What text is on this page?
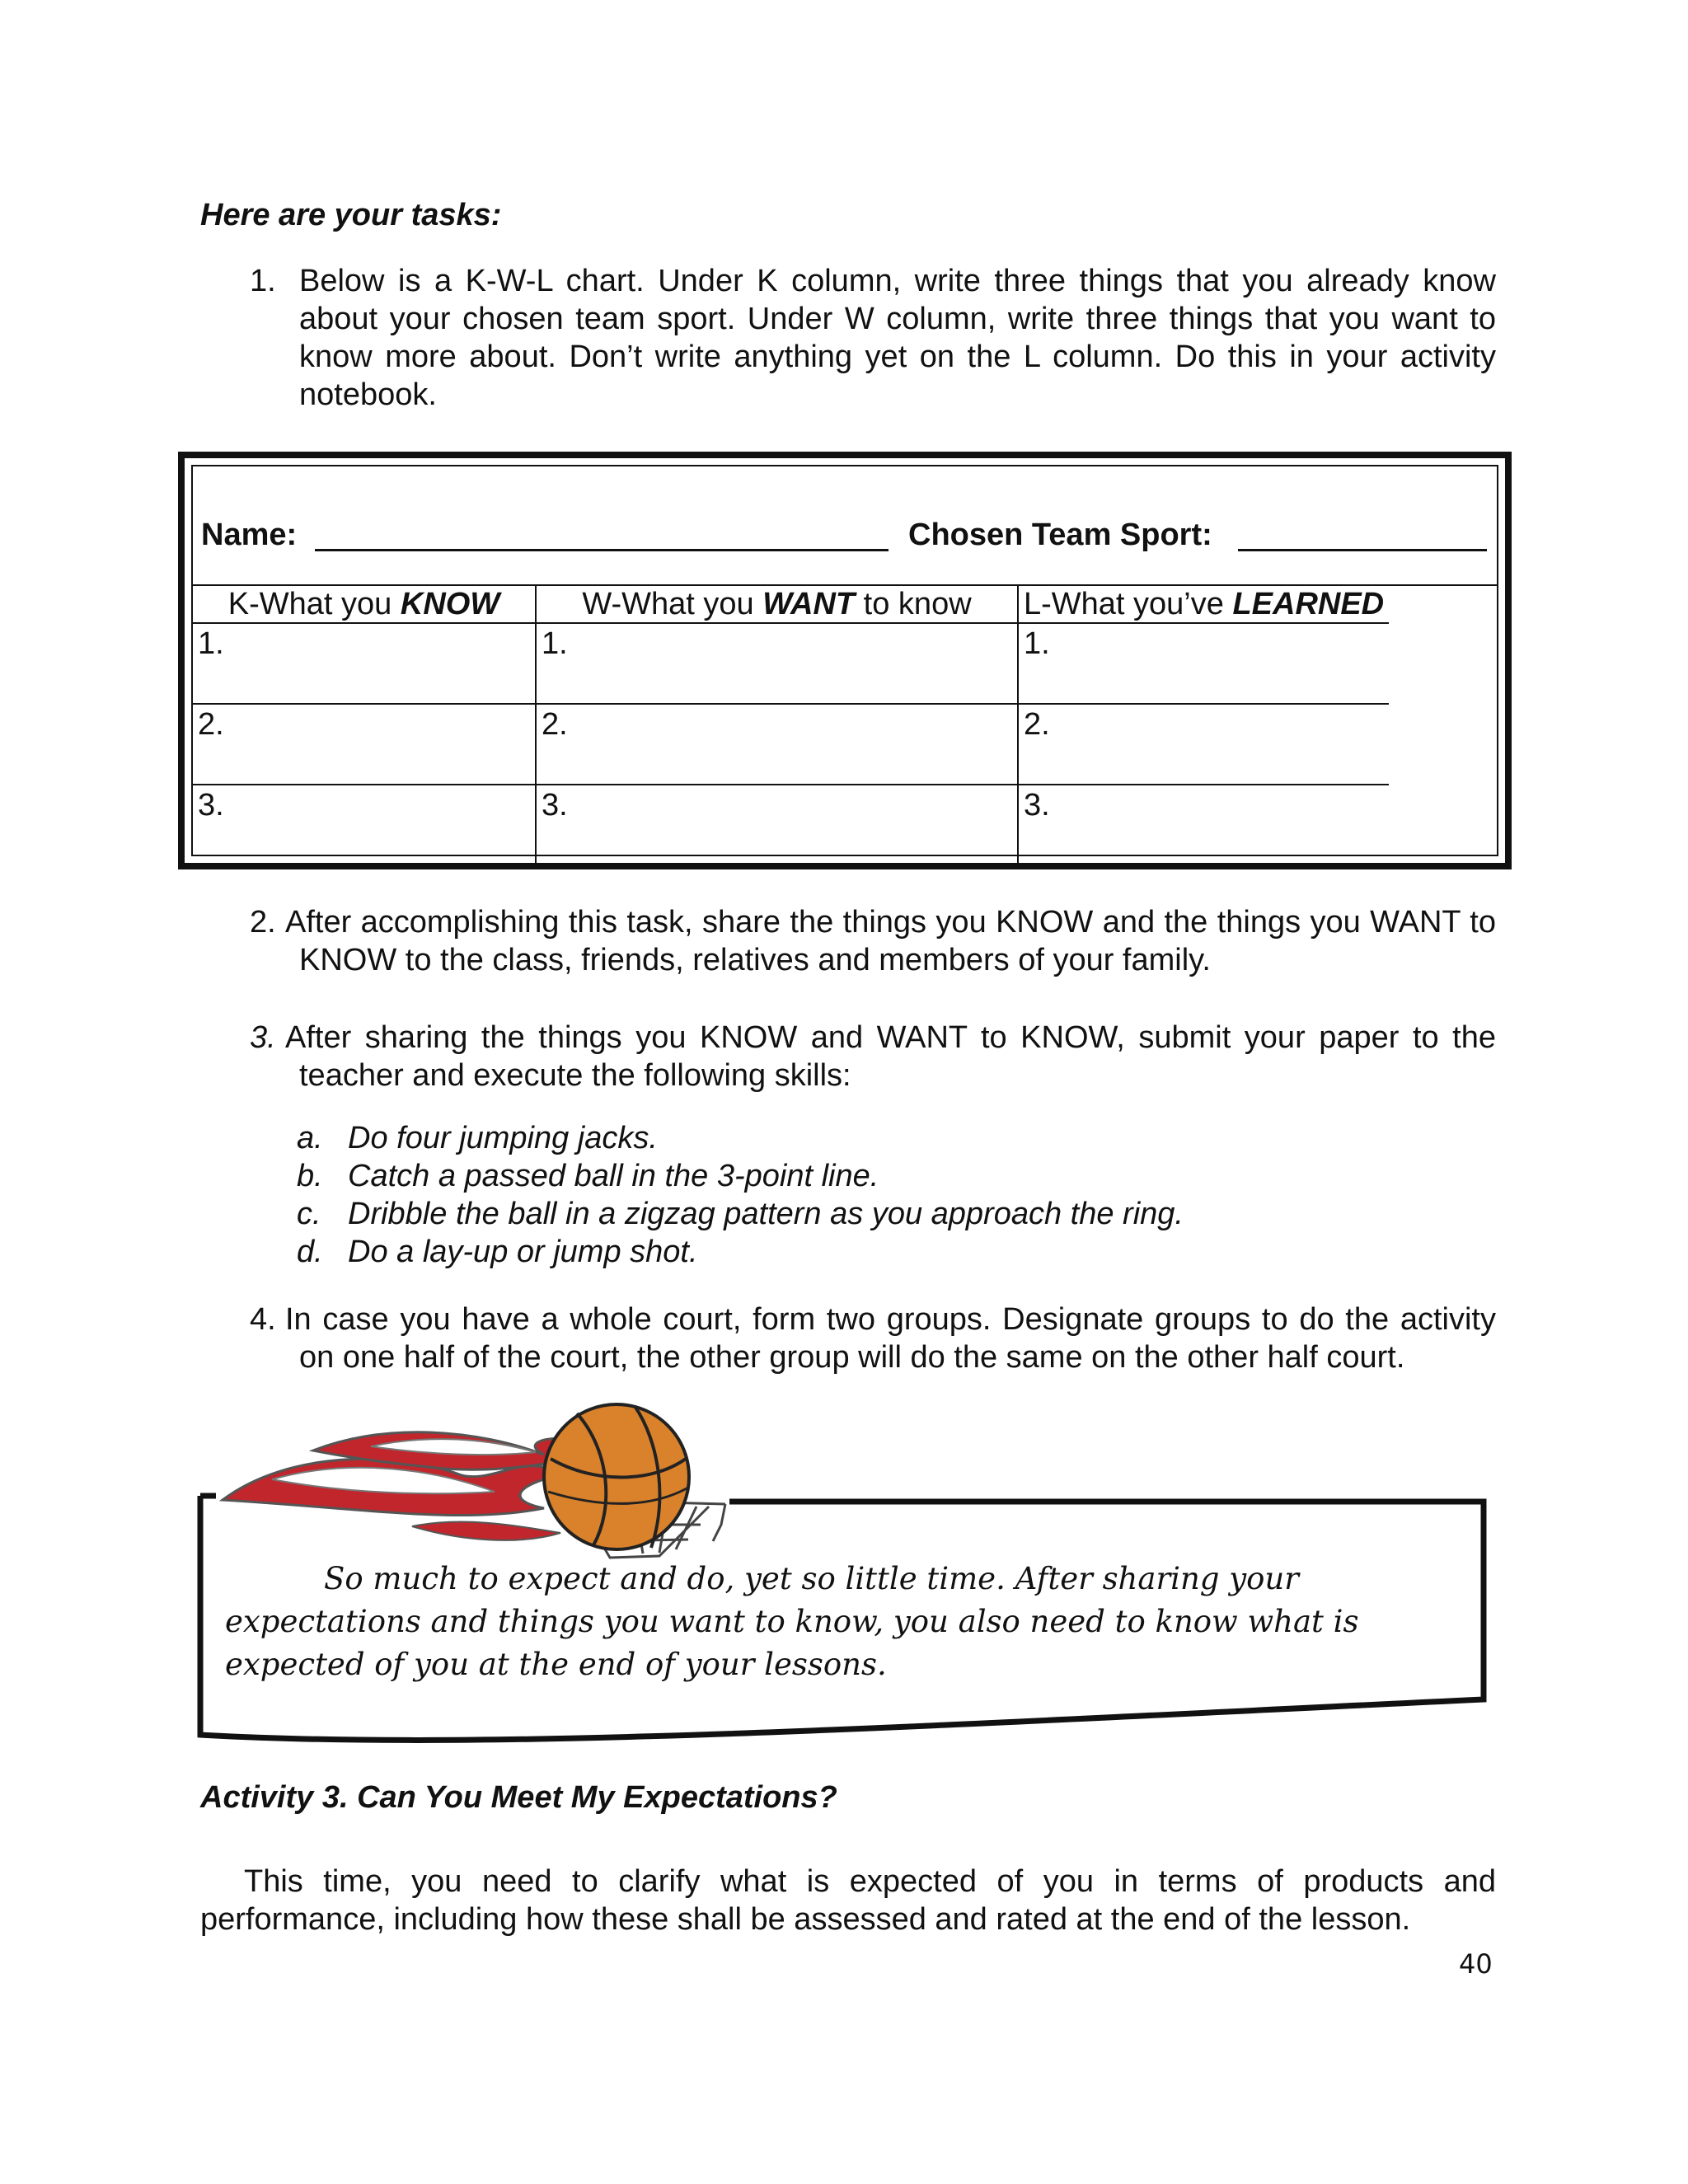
Here are your tasks:
1. Below is a K-W-L chart. Under K column, write three things that you already know about your chosen team sport. Under W column, write three things that you want to know more about. Don’t write anything yet on the L column. Do this in your activity notebook.
Name:	Chosen Team Sport:
K-What you KNOW	W-What you WANT to know	L-What you’ve LEARNED
1.	1.	1.
2.	2.	2.
3.	3.	3.
2. After accomplishing this task, share the things you KNOW and the things you WANT to KNOW to the class, friends, relatives and members of your family.
3. After sharing the things you KNOW and WANT to KNOW, submit your paper to the teacher and execute the following skills:
a. Do four jumping jacks.
b. Catch a passed ball in the 3-point line.
c. Dribble the ball in a zigzag pattern as you approach the ring.
d. Do a lay-up or jump shot.
4. In case you have a whole court, form two groups. Designate groups to do the activity on one half of the court, the other group will do the same on the other half court.
So much to expect and do, yet so little time. After sharing your expectations and things you want to know, you also need to know what is expected of you at the end of your lessons.
Activity 3. Can You Meet My Expectations?
This time, you need to clarify what is expected of you in terms of products and performance, including how these shall be assessed and rated at the end of the lesson.
40
